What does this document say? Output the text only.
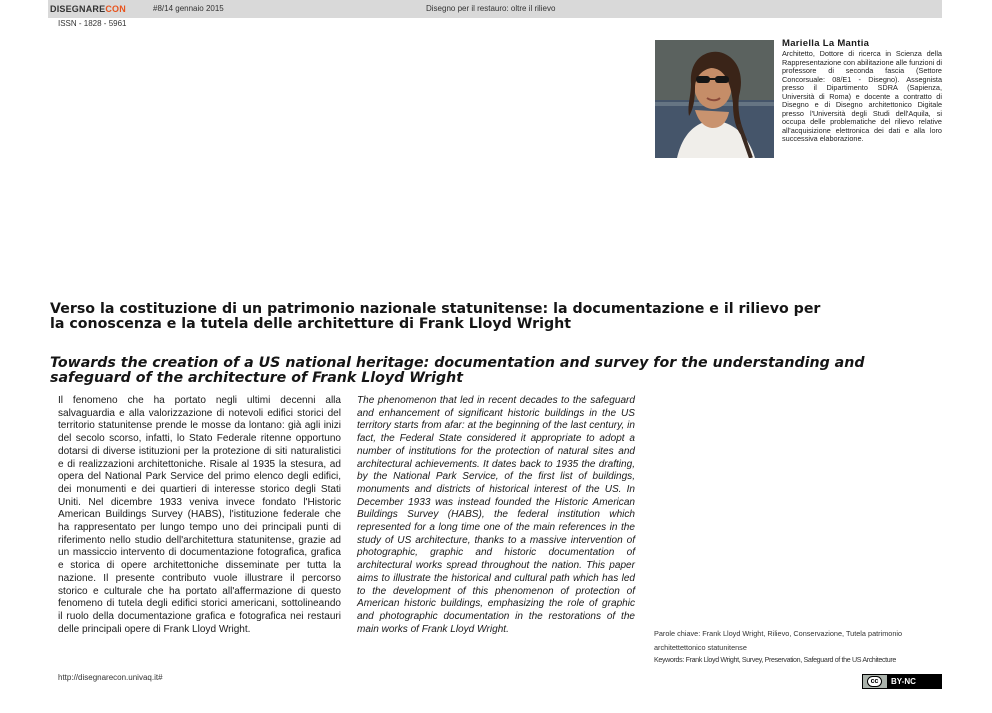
DISEGNARECON	#8/14 gennaio 2015	Disegno per il restauro: oltre il rilievo
ISSN - 1828 - 5961
Mariella La Mantia
Architetto, Dottore di ricerca in Scienza della Rappresentazione con abilitazione alle funzioni di professore di seconda fascia (Settore Concorsuale: 08/E1 - Disegno). Assegnista presso il Dipartimento SDRA (Sapienza, Università di Roma) e docente a contratto di Disegno e di Disegno architettonico Digitale presso l'Università degli Studi dell'Aquila, si occupa delle problematiche del rilievo relative all'acquisizione elettronica dei dati e alla loro successiva elaborazione.
Verso la costituzione di un patrimonio nazionale statunitense: la documentazione e il rilievo per la conoscenza e la tutela delle architetture di Frank Lloyd Wright
Towards the creation of a US national heritage: documentation and survey for the understanding and safeguard of the architecture of Frank Lloyd Wright
Il fenomeno che ha portato negli ultimi decenni alla salvaguardia e alla valorizzazione di notevoli edifici storici del territorio statunitense prende le mosse da lontano: già agli inizi del secolo scorso, infatti, lo Stato Federale ritenne opportuno dotarsi di diverse istituzioni per la protezione di siti naturalistici e di realizzazioni architettoniche. Risale al 1935 la stesura, ad opera del National Park Service del primo elenco degli edifici, dei monumenti e dei quartieri di interesse storico degli Stati Uniti. Nel dicembre 1933 veniva invece fondato l'Historic American Buildings Survey (HABS), l'istituzione federale che ha rappresentato per lungo tempo uno dei principali punti di riferimento nello studio dell'architettura statunitense, grazie ad un massiccio intervento di documentazione fotografica, grafica e storica di opere architettoniche disseminate per tutta la nazione. Il presente contributo vuole illustrare il percorso storico e culturale che ha portato all'affermazione di questo fenomeno di tutela degli edifici storici americani, sottolineando il ruolo della documentazione grafica e fotografica nei restauri delle principali opere di Frank Lloyd Wright.
The phenomenon that led in recent decades to the safeguard and enhancement of significant historic buildings in the US territory starts from afar: at the beginning of the last century, in fact, the Federal State considered it appropriate to adopt a number of institutions for the protection of natural sites and architectural achievements. It dates back to 1935 the drafting, by the National Park Service, of the first list of buildings, monuments and districts of historical interest of the US. In December 1933 was instead founded the Historic American Buildings Survey (HABS), the federal institution which represented for a long time one of the main references in the study of US architecture, thanks to a massive intervention of photographic, graphic and historic documentation of architectural works spread throughout the nation. This paper aims to illustrate the historical and cultural path which has led to the development of this phenomenon of protection of American historic buildings, emphasizing the role of graphic and photographic documentation in the restorations of the main works of Frank Lloyd Wright.	Parole chiave: Frank Lloyd Wright, Rilievo, Conservazione, Tutela patrimonio architettettonico statunitense
Keywords: Frank Lloyd Wright, Survey, Preservation, Safeguard of the US Architecture
http://disegnarecon.univaq.it#	cc	BY-NC
